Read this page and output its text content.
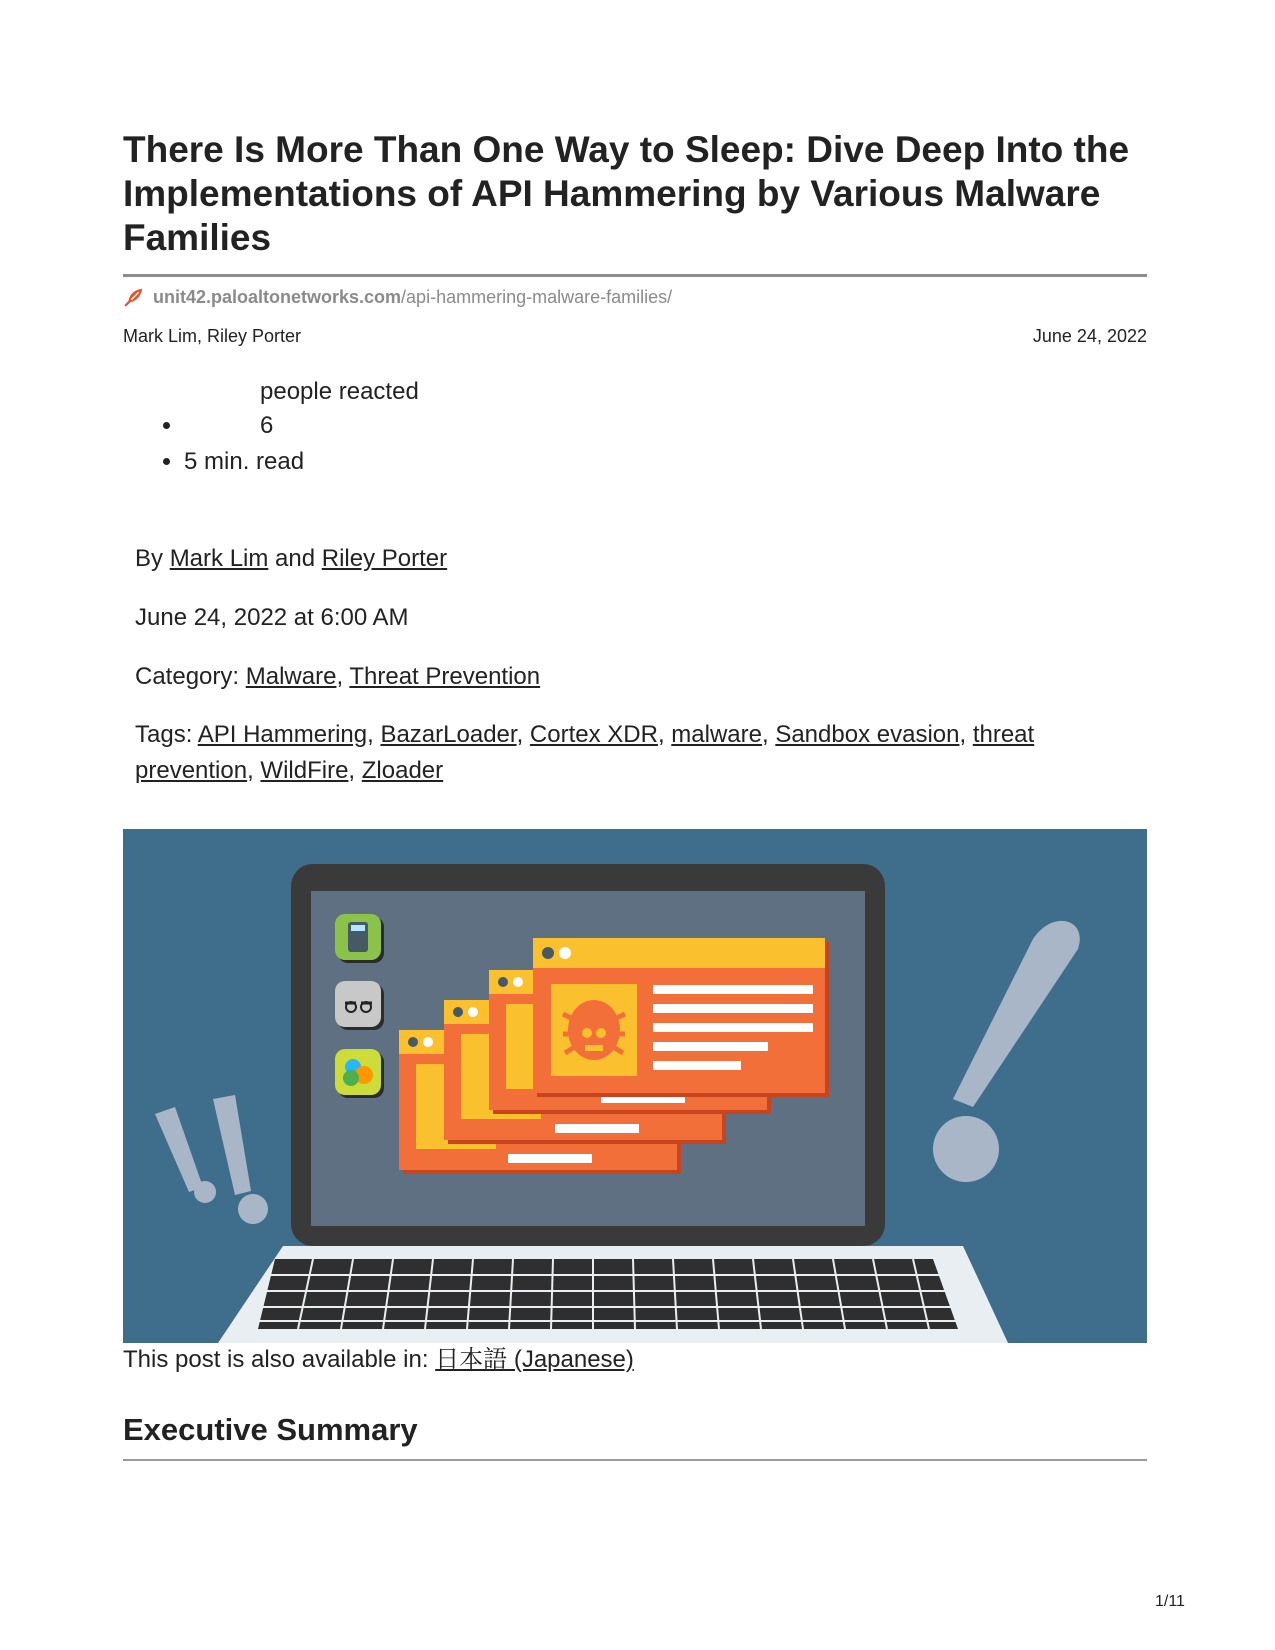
There Is More Than One Way to Sleep: Dive Deep Into the Implementations of API Hammering by Various Malware Families
unit42.paloaltonetworks.com /api-hammering-malware-families/
Mark Lim, Riley Porter	June 24, 2022
people reacted
• 6
• 5 min. read
By Mark Lim and Riley Porter
June 24, 2022 at 6:00 AM
Category: Malware, Threat Prevention
Tags: API Hammering, BazarLoader, Cortex XDR, malware, Sandbox evasion, threat prevention, WildFire, Zloader
This post is also available in: 日本語 (Japanese)
Executive Summary
1/11
